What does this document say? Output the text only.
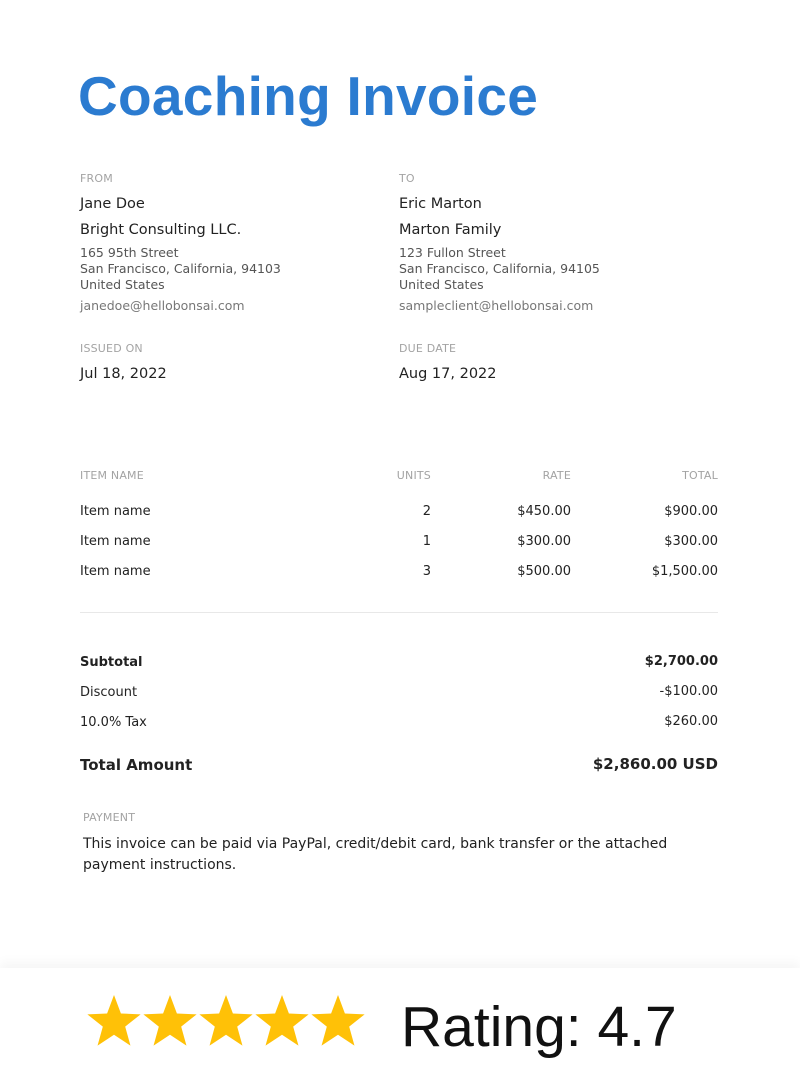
Coaching Invoice
FROM
Jane Doe
Bright Consulting LLC.
165 95th Street
San Francisco, California, 94103
United States
janedoe@hellobonsai.com
TO
Eric Marton
Marton Family
123 Fullon Street
San Francisco, California, 94105
United States
sampleclient@hellobonsai.com
ISSUED ON
Jul 18, 2022
DUE DATE
Aug 17, 2022
ITEM NAME	UNITS	RATE	TOTAL
Item name	2	$450.00	$900.00
Item name	1	$300.00	$300.00
Item name	3	$500.00	$1,500.00
Subtotal	$2,700.00
Discount	-$100.00
10.0% Tax	$260.00
Total Amount	$2,860.00 USD
PAYMENT
This invoice can be paid via PayPal, credit/debit card, bank transfer or the attached payment instructions.
Rating: 4.7
